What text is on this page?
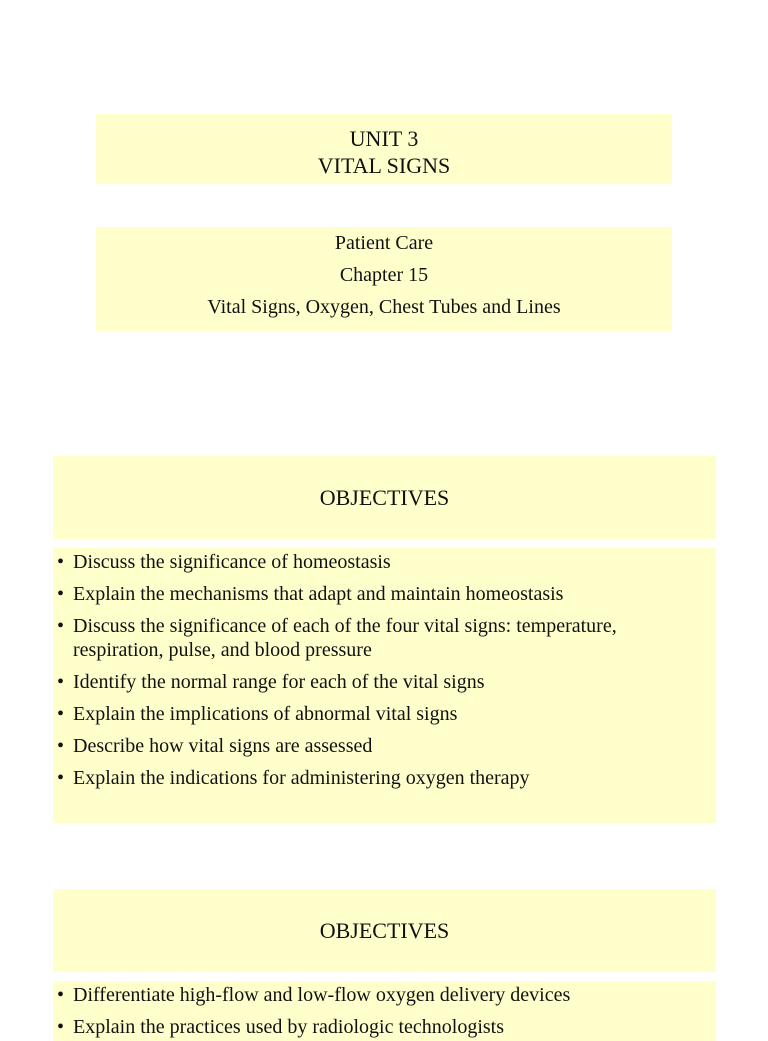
UNIT 3
VITAL SIGNS
Patient Care
Chapter 15
Vital Signs, Oxygen, Chest Tubes and Lines
OBJECTIVES
• Discuss the significance of homeostasis
• Explain the mechanisms that adapt and maintain homeostasis
• Discuss the significance of each of the four vital signs: temperature, respiration, pulse, and blood pressure
• Identify the normal range for each of the vital signs
• Explain the implications of abnormal vital signs
• Describe how vital signs are assessed
• Explain the indications for administering oxygen therapy
OBJECTIVES
• Differentiate high-flow and low-flow oxygen delivery devices
• Explain the practices used by radiologic technologists
